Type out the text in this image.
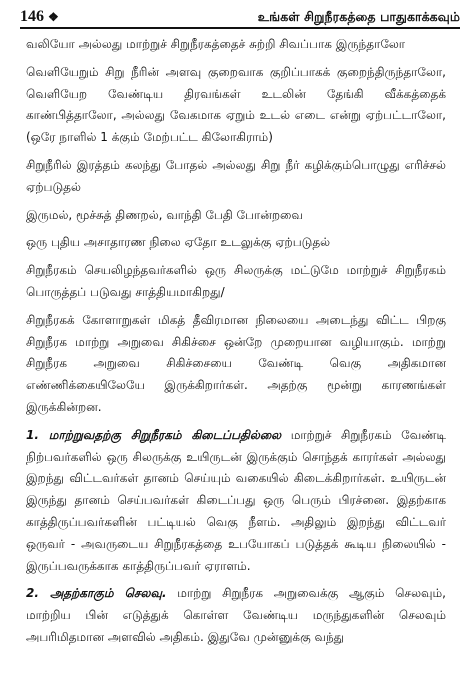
146 ❖	உங்கள் சிறுநீரகத்தை பாதுகாக்கவும்

வலியோ அல்லது மாற்றுச் சிறுநீரகத்தைச் சுற்றி சிவப்பாக இருந்தாலோ

வெளியேறும் சிறு நீரின் அளவு குறைவாக குறிப்பாகக் குறைந்திருந்தாலோ, வெளியேற வேண்டிய திரவங்கள் உடலின் தேங்கி வீக்கத்தைக் காண்பித்தாலோ, அல்லது வேகமாக ஏறும் உடல் எடை என்று ஏற்பட்டாலோ, (ஒரே நாளில் 1 க்கும் மேற்பட்ட கிலோகிராம்)

சிறுநீரில் இரத்தம் கலந்து போதல் அல்லது சிறு நீர் கழிக்கும்பொழுது எரிச்சல் ஏற்படுதல்

இருமல், மூச்சுத் திணறல், வாந்தி பேதி போன்றவை

ஒரு புதிய அசாதாரண நிலை ஏதோ உடலுக்கு ஏற்படுதல்

சிறுநீரகம் செயலிழந்தவர்களில் ஒரு சிலருக்கு மட்டுமே மாற்றுச் சிறுநீரகம் பொருத்தப் படுவது சாத்தியமாகிறது/

சிறுநீரகக் கோளாறுகள் மிகத் தீவிரமான நிலையை அடைந்து விட்ட பிறகு சிறுநீரக மாற்று அறுவை சிகிச்சை ஒன்றே முறையான வழியாகும். மாற்று சிறுநீரக அறுவை சிகிச்சையை வேண்டி வெகு அதிகமான எண்ணிக்கையிலேயே இருக்கிறார்கள். அதற்கு மூன்று காரணங்கள் இருக்கின்றன.

1. மாற்றுவதற்கு சிறுநீரகம் கிடைப்பதில்லை மாற்றுச் சிறுநீரகம் வேண்டி நிற்பவர்களில் ஒரு சிலருக்கு உயிருடன் இருக்கும் சொந்தக் காரர்கள் அல்லது இறந்து விட்டவர்கள் தானம் செய்யும் வகையில் கிடைக்கிறார்கள். உயிருடன் இருந்து தானம் செய்பவர்கள் கிடைப்பது ஒரு பெரும் பிரச்னை. இதற்காக காத்திருப்பவர்களின் பட்டியல் வெகு நீளம். அதிலும் இறந்து விட்டவர் ஒருவர் - அவருடைய சிறுநீரகத்தை உபயோகப் படுத்தக் கூடிய நிலையில் - இருப்பவருக்காக காத்திருப்பவர் ஏராளம்.

2. அதற்காகும் செலவு. மாற்று சிறுநீரக அறுவைக்கு ஆகும் செலவும், மாற்றிய பின் எடுத்துக் கொள்ள வேண்டிய மருந்துகளின் செலவும் அபரிமிதமான அளவில் அதிகம். இதுவே முன்னுக்கு வந்து
